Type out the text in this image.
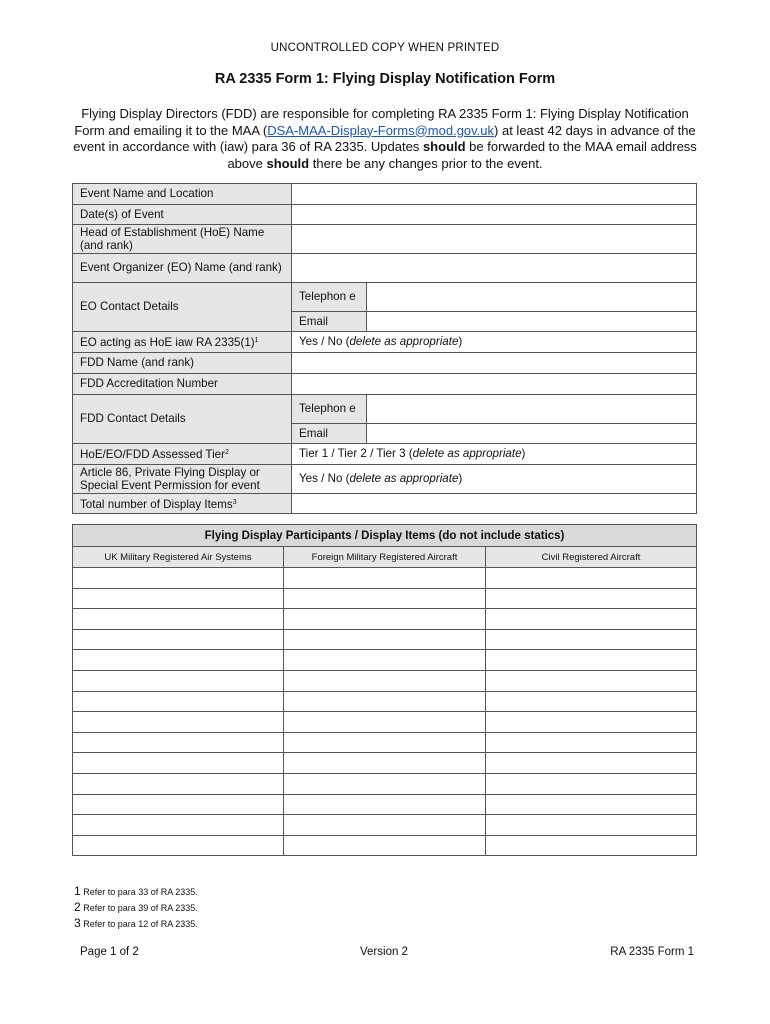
UNCONTROLLED COPY WHEN PRINTED
RA 2335 Form 1: Flying Display Notification Form
Flying Display Directors (FDD) are responsible for completing RA 2335 Form 1: Flying Display Notification Form and emailing it to the MAA (DSA-MAA-Display-Forms@mod.gov.uk) at least 42 days in advance of the event in accordance with (iaw) para 36 of RA 2335. Updates should be forwarded to the MAA email address above should there be any changes prior to the event.
Event Name and Location		
Date(s) of Event		
Head of Establishment (HoE) Name (and rank)		
Event Organizer (EO) Name (and rank)		
EO Contact Details	Telephon e	
	Email	
EO acting as HoE iaw RA $2335(1)^1$	Yes / No (delete as appropriate)	
FDD Name (and rank)		
FDD Accreditation Number		
FDD Contact Details	Telephon e	
	Email	
HoE/EO/FDD Assessed Tier$^2$	Tier 1 / Tier 2 / Tier 3 (delete as appropriate)	
Article 86, Private Flying Display or Special Event Permission for event	Yes / No (delete as appropriate)	
Total number of Display Items$^3$	
Flying Display Participants / Display Items (do not include statics)		
UK Military Registered Air Systems	Foreign Military Registered Aircraft	Civil Registered Aircraft

1 Refer to para 33 of RA 2335.
2 Refer to para 39 of RA 2335.
3 Refer to para 12 of RA 2335.
Page 1 of 2	Version 2	RA 2335 Form 1
